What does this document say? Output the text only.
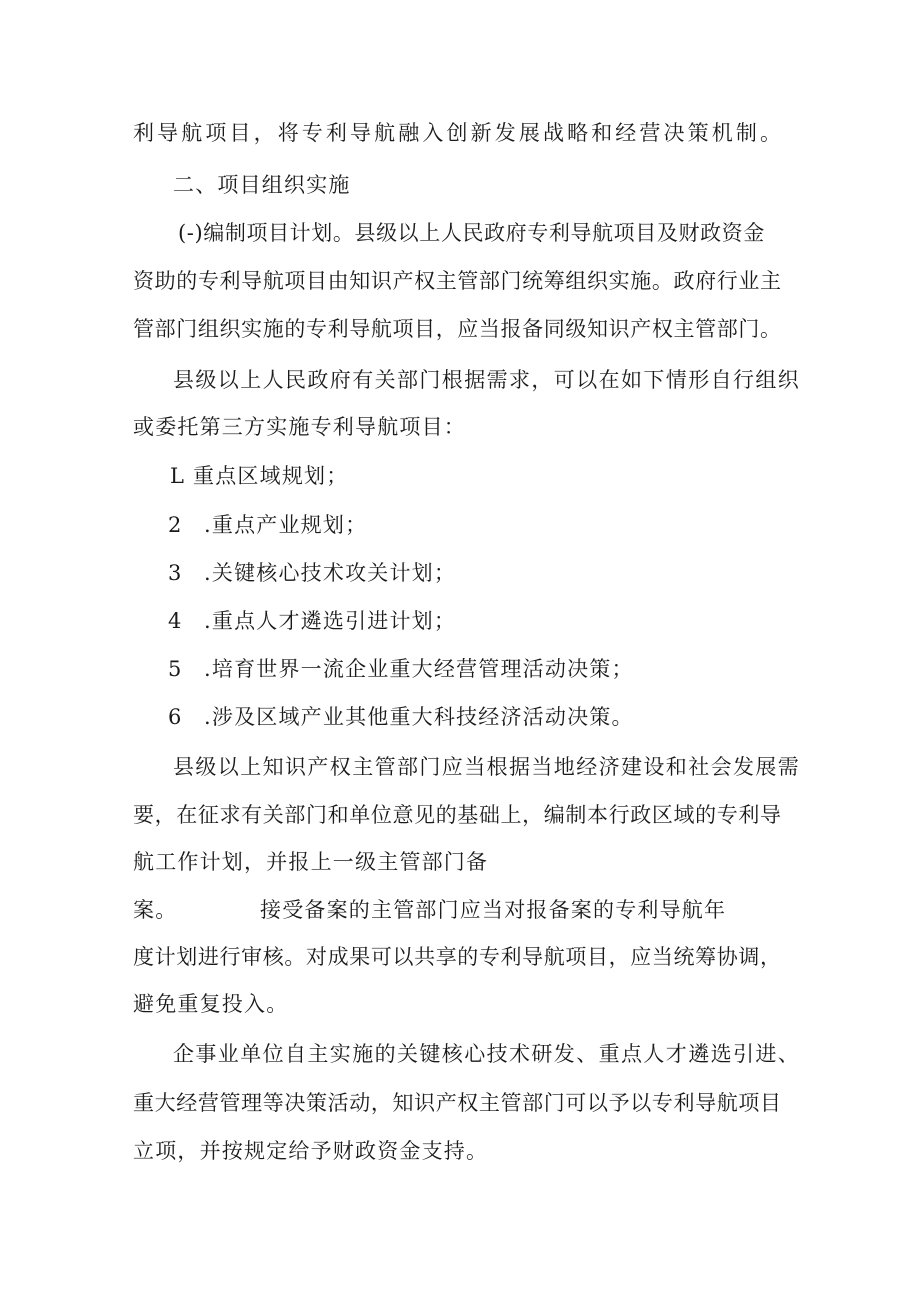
利导航项目，将专利导航融入创新发展战略和经营决策机制。
二、项目组织实施
(-)编制项目计划。县级以上人民政府专利导航项目及财政资金
资助的专利导航项目由知识产权主管部门统筹组织实施。政府行业主
管部门组织实施的专利导航项目，应当报备同级知识产权主管部门。
县级以上人民政府有关部门根据需求，可以在如下情形自行组织
或委托第三方实施专利导航项目：
L 重点区域规划；
2 .重点产业规划；
3 .关键核心技术攻关计划；
4 .重点人才遴选引进计划；
5 .培育世界一流企业重大经营管理活动决策；
6 .涉及区域产业其他重大科技经济活动决策。
县级以上知识产权主管部门应当根据当地经济建设和社会发展需
要，在征求有关部门和单位意见的基础上，编制本行政区域的专利导
航工作计划，并报上一级主管部门备
案。	接受备案的主管部门应当对报备案的专利导航年
度计划进行审核。对成果可以共享的专利导航项目，应当统筹协调，
避免重复投入。
企事业单位自主实施的关键核心技术研发、重点人才遴选引进、
重大经营管理等决策活动，知识产权主管部门可以予以专利导航项目
立项，并按规定给予财政资金支持。
